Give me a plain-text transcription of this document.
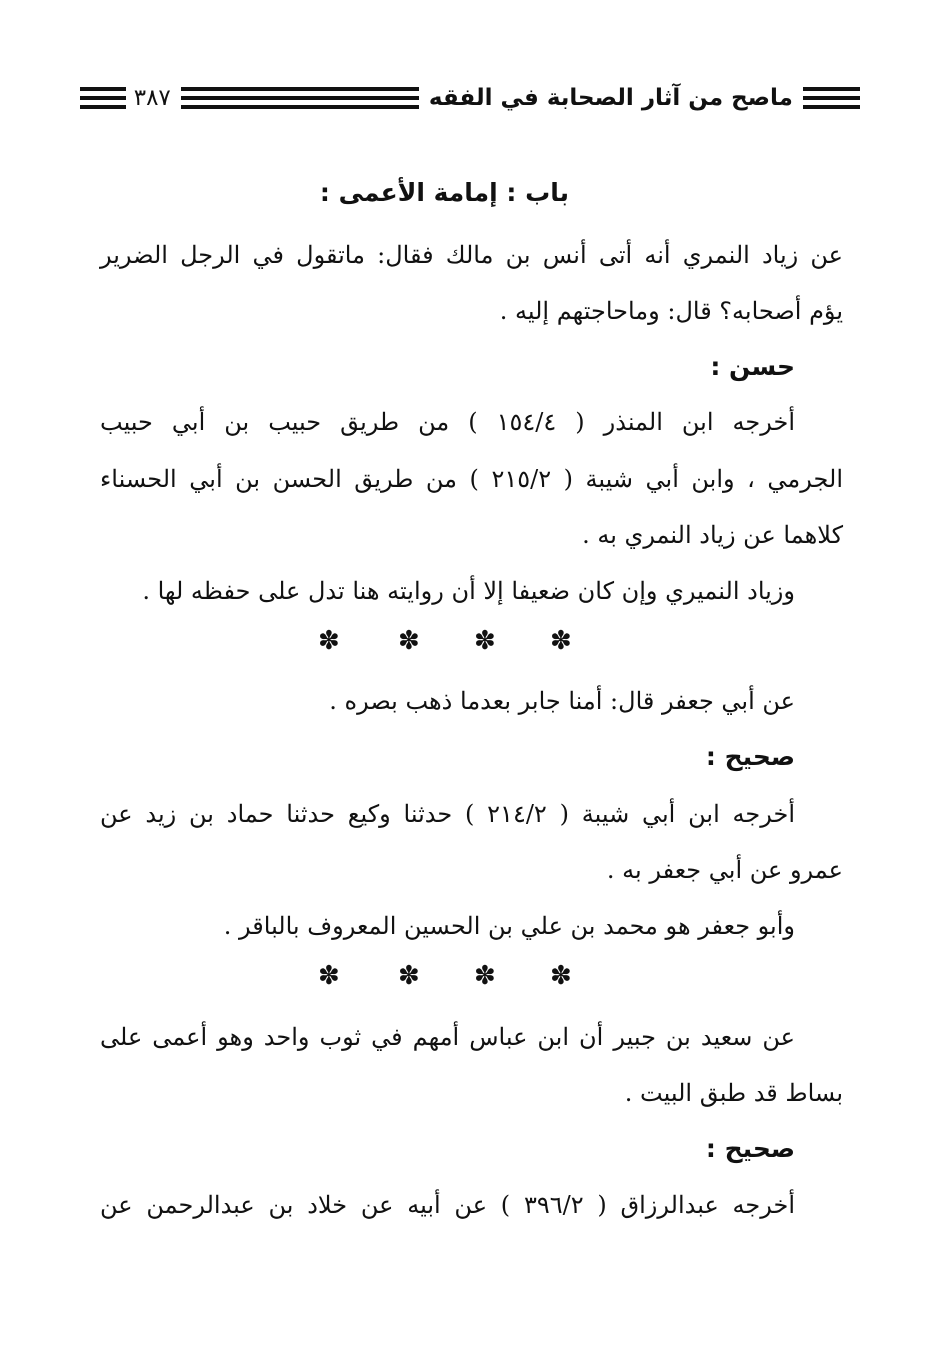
ماصح من آثار الصحابة في الفقه
٣٨٧
باب : إمامة الأعمى :
عن زياد النمري أنه أتى أنس بن مالك فقال: ماتقول في الرجل الضرير
يؤم أصحابه؟ قال: وماحاجتهم إليه .
حسن :
أخرجه ابن المنذر ( ١٥٤/٤ ) من طريق حبيب بن أبي حبيب
الجرمي ، وابن أبي شيبة ( ٢١٥/٢ ) من طريق الحسن بن أبي الحسناء
كلاهما عن زياد النمري به .
وزياد النميري وإن كان ضعيفا إلا أن روايته هنا تدل على حفظه لها .
✽ ✽ ✽ ✽
عن أبي جعفر قال: أمنا جابر بعدما ذهب بصره .
صحيح :
أخرجه ابن أبي شيبة ( ٢١٤/٢ ) حدثنا وكيع حدثنا حماد بن زيد عن
عمرو عن أبي جعفر به .
وأبو جعفر هو محمد بن علي بن الحسين المعروف بالباقر .
✽ ✽ ✽ ✽
عن سعيد بن جبير أن ابن عباس أمهم في ثوب واحد وهو أعمى على
بساط قد طبق البيت .
صحيح :
أخرجه عبدالرزاق ( ٣٩٦/٢ ) عن أبيه عن خلاد بن عبدالرحمن عن
